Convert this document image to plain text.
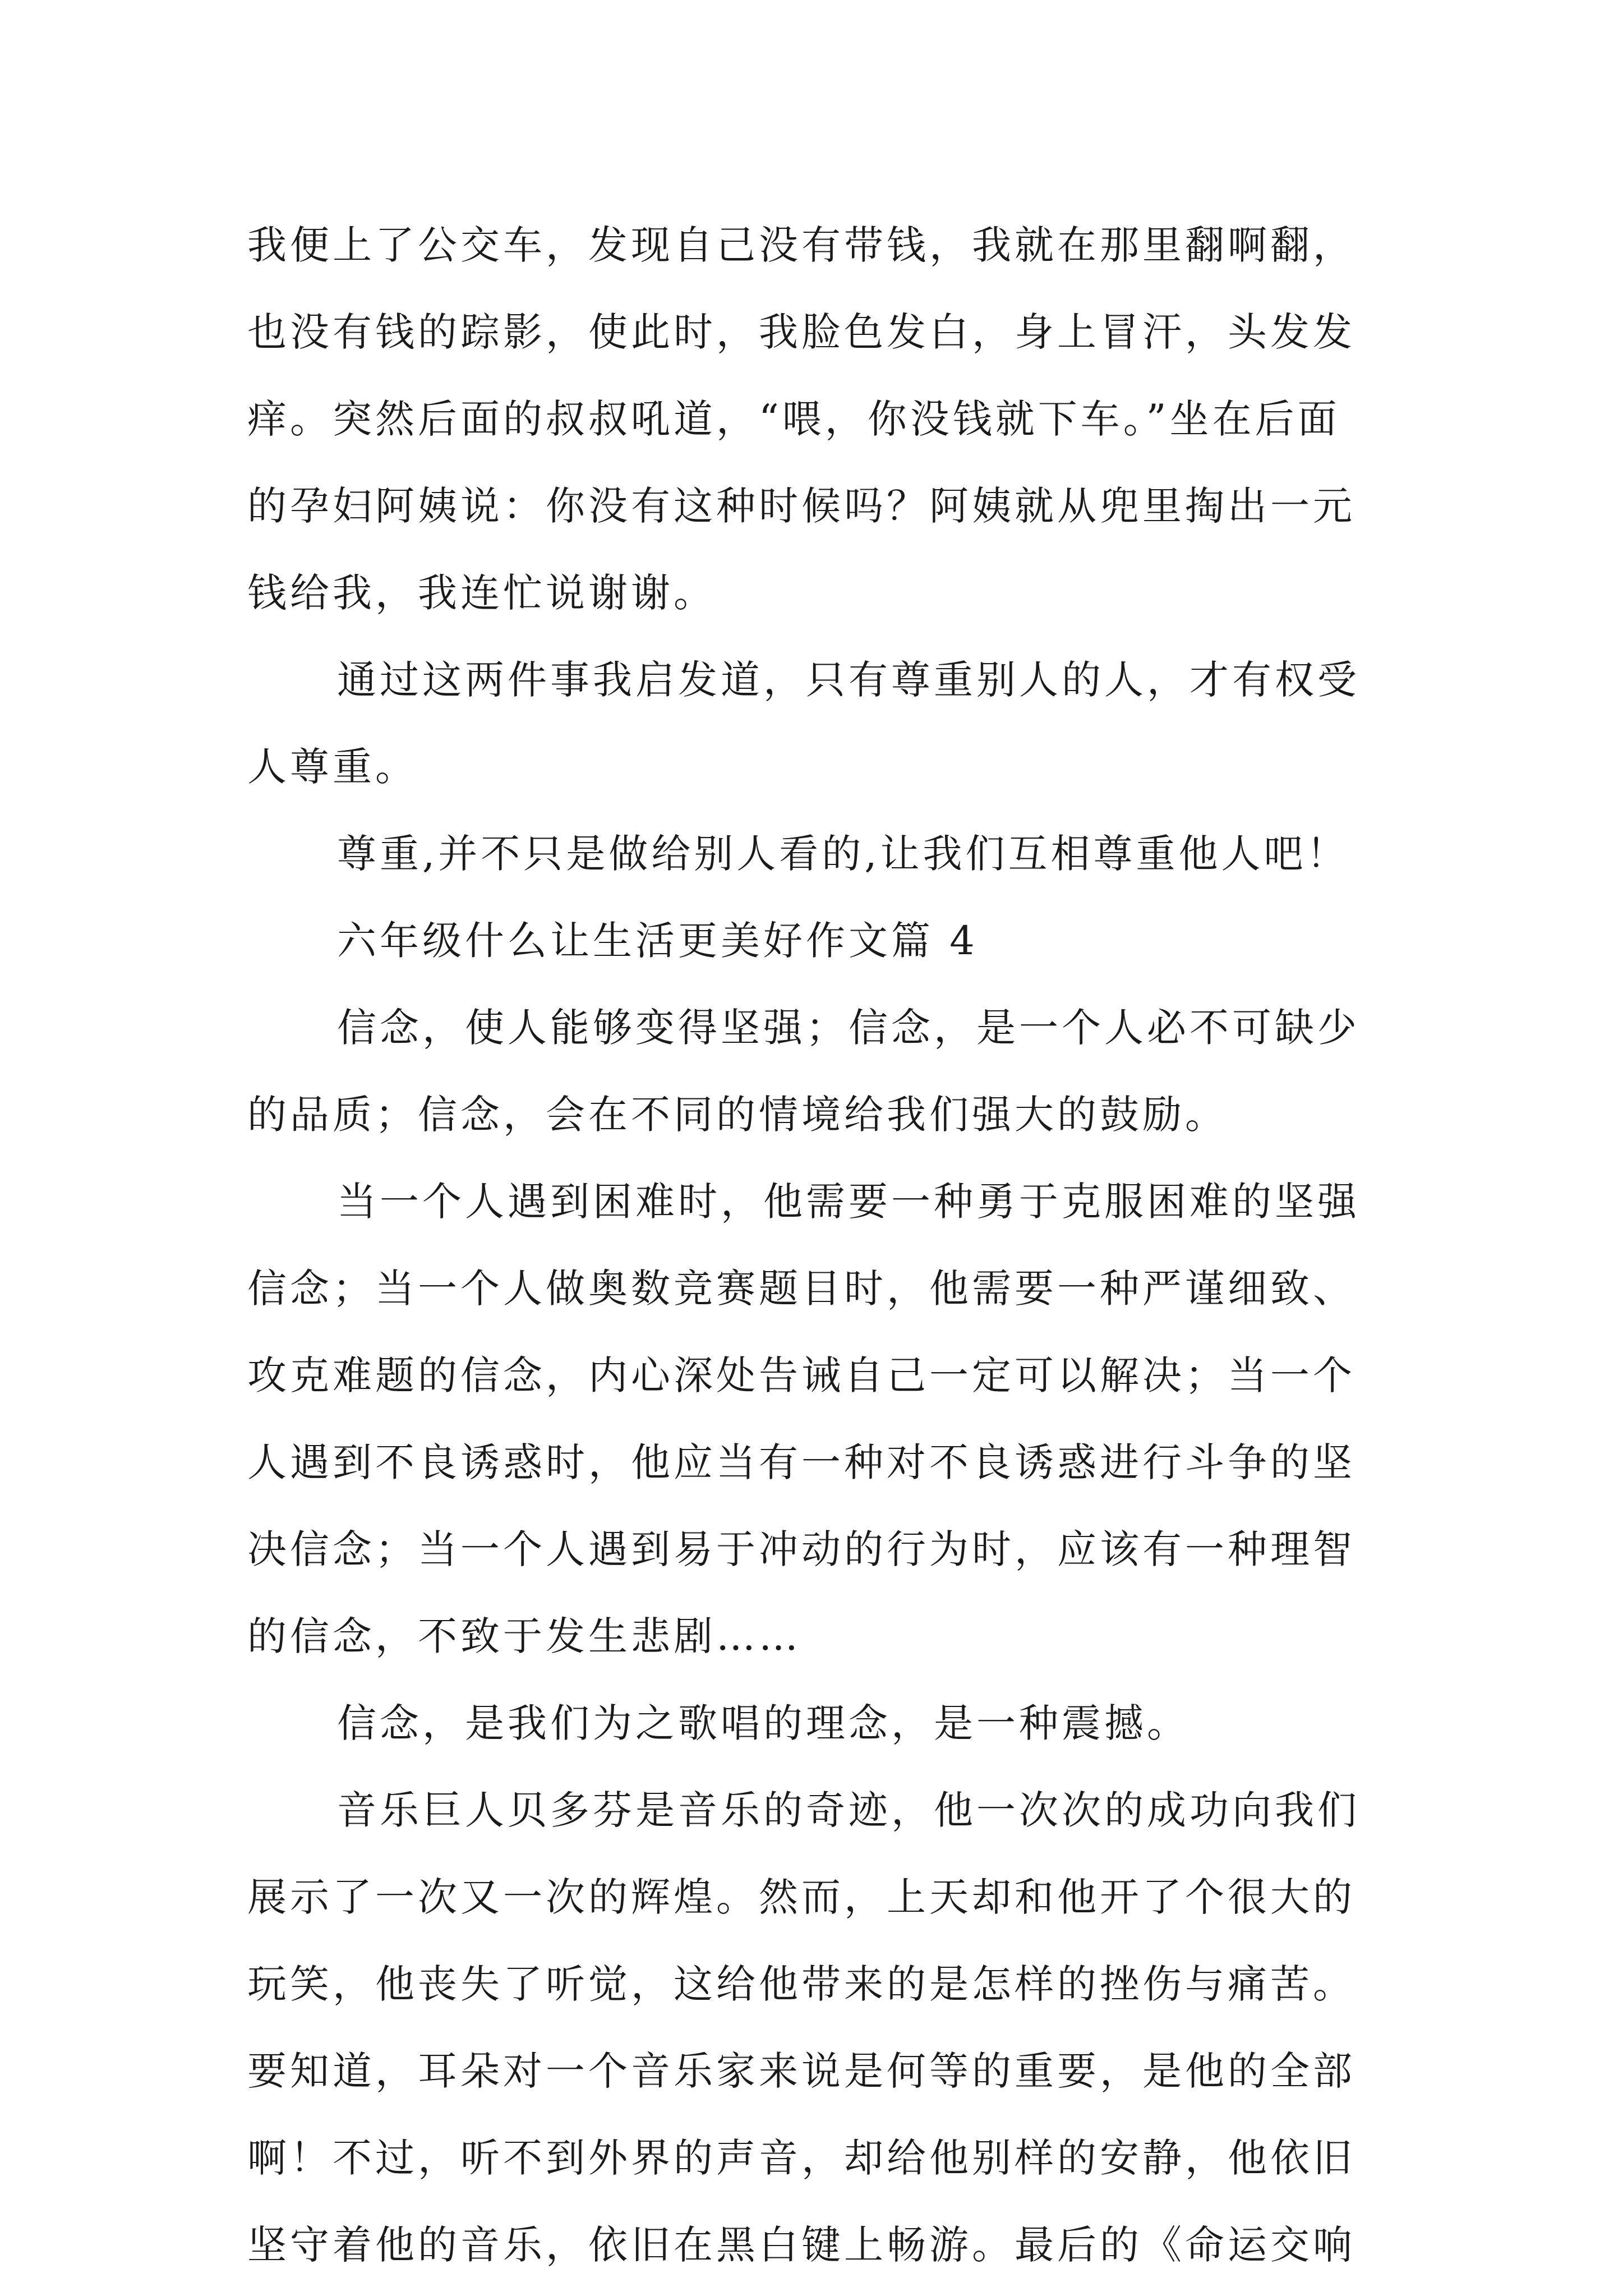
我便上了公交车，发现自己没有带钱，我就在那里翻啊翻，
也没有钱的踪影，使此时，我脸色发白，身上冒汗，头发发
痒。突然后面的叔叔吼道，“喂，你没钱就下车。”坐在后面
的孕妇阿姨说：你没有这种时候吗？阿姨就从兜里掏出一元
钱给我，我连忙说谢谢。
通过这两件事我启发道，只有尊重别人的人，才有权受
人尊重。
尊重,并不只是做给别人看的,让我们互相尊重他人吧！
六年级什么让生活更美好作文篇 4
信念，使人能够变得坚强；信念，是一个人必不可缺少
的品质；信念，会在不同的情境给我们强大的鼓励。
当一个人遇到困难时，他需要一种勇于克服困难的坚强
信念；当一个人做奥数竞赛题目时，他需要一种严谨细致、
攻克难题的信念，内心深处告诫自己一定可以解决；当一个
人遇到不良诱惑时，他应当有一种对不良诱惑进行斗争的坚
决信念；当一个人遇到易于冲动的行为时，应该有一种理智
的信念，不致于发生悲剧……
信念，是我们为之歌唱的理念，是一种震撼。
音乐巨人贝多芬是音乐的奇迹，他一次次的成功向我们
展示了一次又一次的辉煌。然而，上天却和他开了个很大的
玩笑，他丧失了听觉，这给他带来的是怎样的挫伤与痛苦。
要知道，耳朵对一个音乐家来说是何等的重要，是他的全部
啊！不过，听不到外界的声音，却给他别样的安静，他依旧
坚守着他的音乐，依旧在黑白键上畅游。最后的《命运交响
